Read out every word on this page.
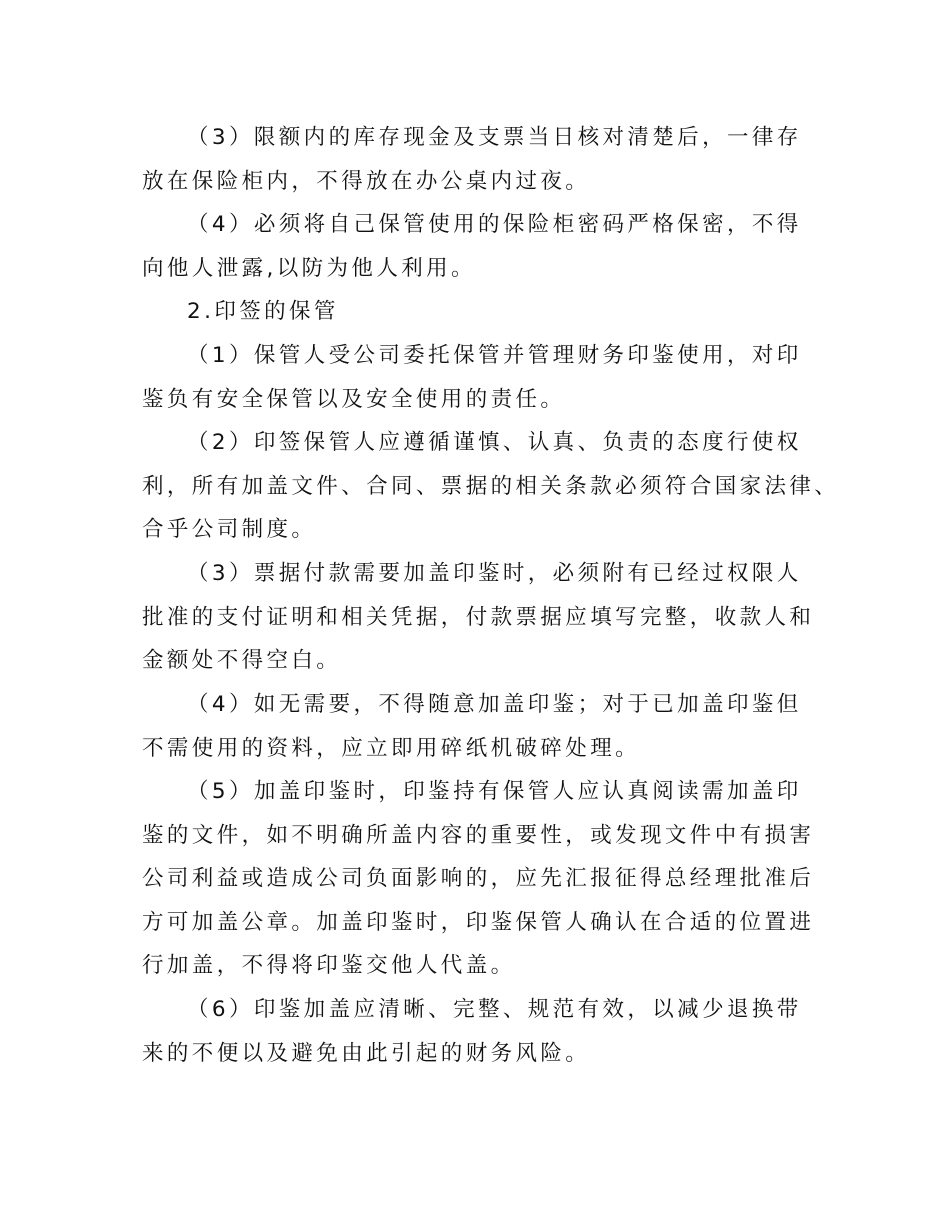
（3）限额内的库存现金及支票当日核对清楚后，一律存
放在保险柜内，不得放在办公桌内过夜。
（4）必须将自己保管使用的保险柜密码严格保密，不得
向他人泄露,以防为他人利用。
2.印签的保管
（1）保管人受公司委托保管并管理财务印鉴使用，对印
鉴负有安全保管以及安全使用的责任。
（2）印签保管人应遵循谨慎、认真、负责的态度行使权
利，所有加盖文件、合同、票据的相关条款必须符合国家法律、
合乎公司制度。
（3）票据付款需要加盖印鉴时，必须附有已经过权限人
批准的支付证明和相关凭据，付款票据应填写完整，收款人和
金额处不得空白。
（4）如无需要，不得随意加盖印鉴；对于已加盖印鉴但
不需使用的资料，应立即用碎纸机破碎处理。
（5）加盖印鉴时，印鉴持有保管人应认真阅读需加盖印
鉴的文件，如不明确所盖内容的重要性，或发现文件中有损害
公司利益或造成公司负面影响的，应先汇报征得总经理批准后
方可加盖公章。加盖印鉴时，印鉴保管人确认在合适的位置进
行加盖，不得将印鉴交他人代盖。
（6）印鉴加盖应清晰、完整、规范有效，以减少退换带
来的不便以及避免由此引起的财务风险。
